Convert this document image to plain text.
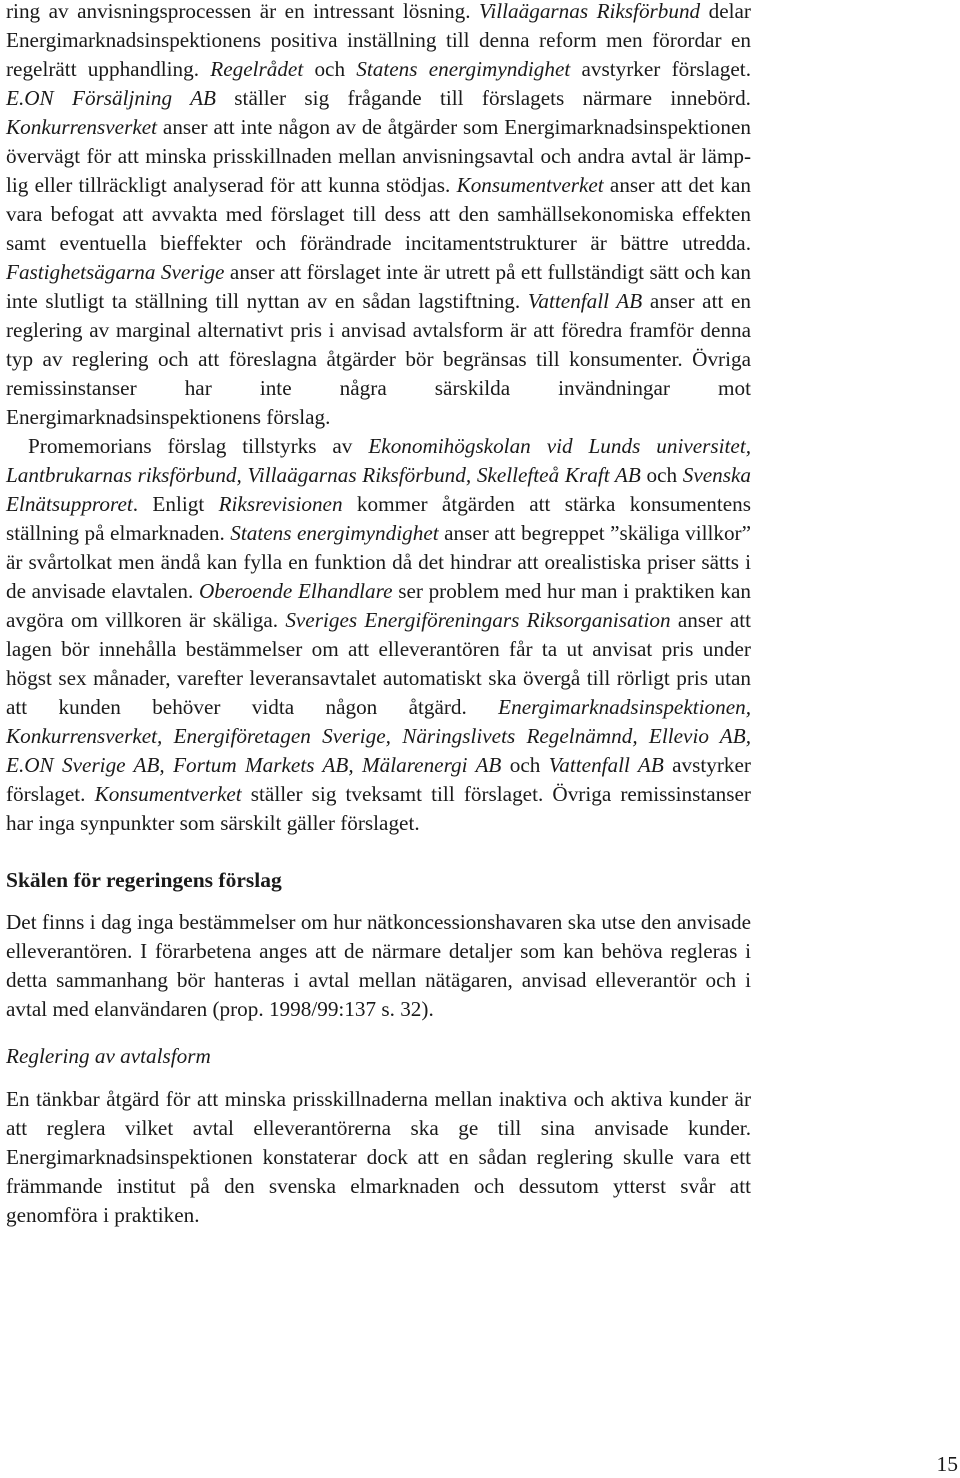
ring av anvisningsprocessen är en intressant lösning. Villaägarnas Riksförbund delar Energimarknadsinspektionens positiva inställning till denna reform men förordar en regelrätt upphandling. Regelrådet och Statens energimyndighet avstyrker förslaget. E.ON Försäljning AB ställer sig frågande till förslagets närmare innebörd. Konkurrensverket anser att inte någon av de åtgärder som Energimarknadsinspektionen övervägt för att minska prisskillnaden mellan anvisningsavtal och andra avtal är lämplig eller tillräckligt analyserad för att kunna stödjas. Konsumentverket anser att det kan vara befogat att avvakta med förslaget till dess att den samhällsekonomiska effekten samt eventuella bieffekter och förändrade incitamentstrukturer är bättre utredda. Fastighetsägarna Sverige anser att förslaget inte är utrett på ett fullständigt sätt och kan inte slutligt ta ställning till nyttan av en sådan lagstiftning. Vattenfall AB anser att en reglering av marginal alternativt pris i anvisad avtalsform är att föredra framför denna typ av reglering och att föreslagna åtgärder bör begränsas till konsumenter. Övriga remissinstanser har inte några särskilda invändningar mot Energimarknadsinspektionens förslag.

Promemorians förslag tillstyrks av Ekonomihögskolan vid Lunds universitet, Lantbrukarnas riksförbund, Villaägarnas Riksförbund, Skellefteå Kraft AB och Svenska Elnätsupproret. Enligt Riksrevisionen kommer åtgärden att stärka konsumentens ställning på elmarknaden. Statens energimyndighet anser att begreppet ”skäliga villkor” är svårtolkat men ändå kan fylla en funktion då det hindrar att orealistiska priser sätts i de anvisade elavtalen. Oberoende Elhandlare ser problem med hur man i praktiken kan avgöra om villkoren är skäliga. Sveriges Energiföreningars Riksorganisation anser att lagen bör innehålla bestämmelser om att elleverantören får ta ut anvisat pris under högst sex månader, varefter leveransavtalet automatiskt ska övergå till rörligt pris utan att kunden behöver vidta någon åtgärd. Energimarknadsinspektionen, Konkurrensverket, Energiföretagen Sverige, Näringslivets Regelnämnd, Ellevio AB, E.ON Sverige AB, Fortum Markets AB, Mälarenergi AB och Vattenfall AB avstyrker förslaget. Konsumentverket ställer sig tveksamt till förslaget. Övriga remissinstanser har inga synpunkter som särskilt gäller förslaget.

Skälen för regeringens förslag

Det finns i dag inga bestämmelser om hur nätkoncessionshavaren ska utse den anvisade elleverantören. I förarbetena anges att de närmare detaljer som kan behöva regleras i detta sammanhang bör hanteras i avtal mellan nätägaren, anvisad elleverantör och i avtal med elanvändaren (prop. 1998/99:137 s. 32).

Reglering av avtalsform

En tänkbar åtgärd för att minska prisskillnaderna mellan inaktiva och aktiva kunder är att reglera vilket avtal elleverantörerna ska ge till sina anvisade kunder. Energimarknadsinspektionen konstaterar dock att en sådan reglering skulle vara ett främmande institut på den svenska elmarknaden och dessutom ytterst svår att genomföra i praktiken.

15
